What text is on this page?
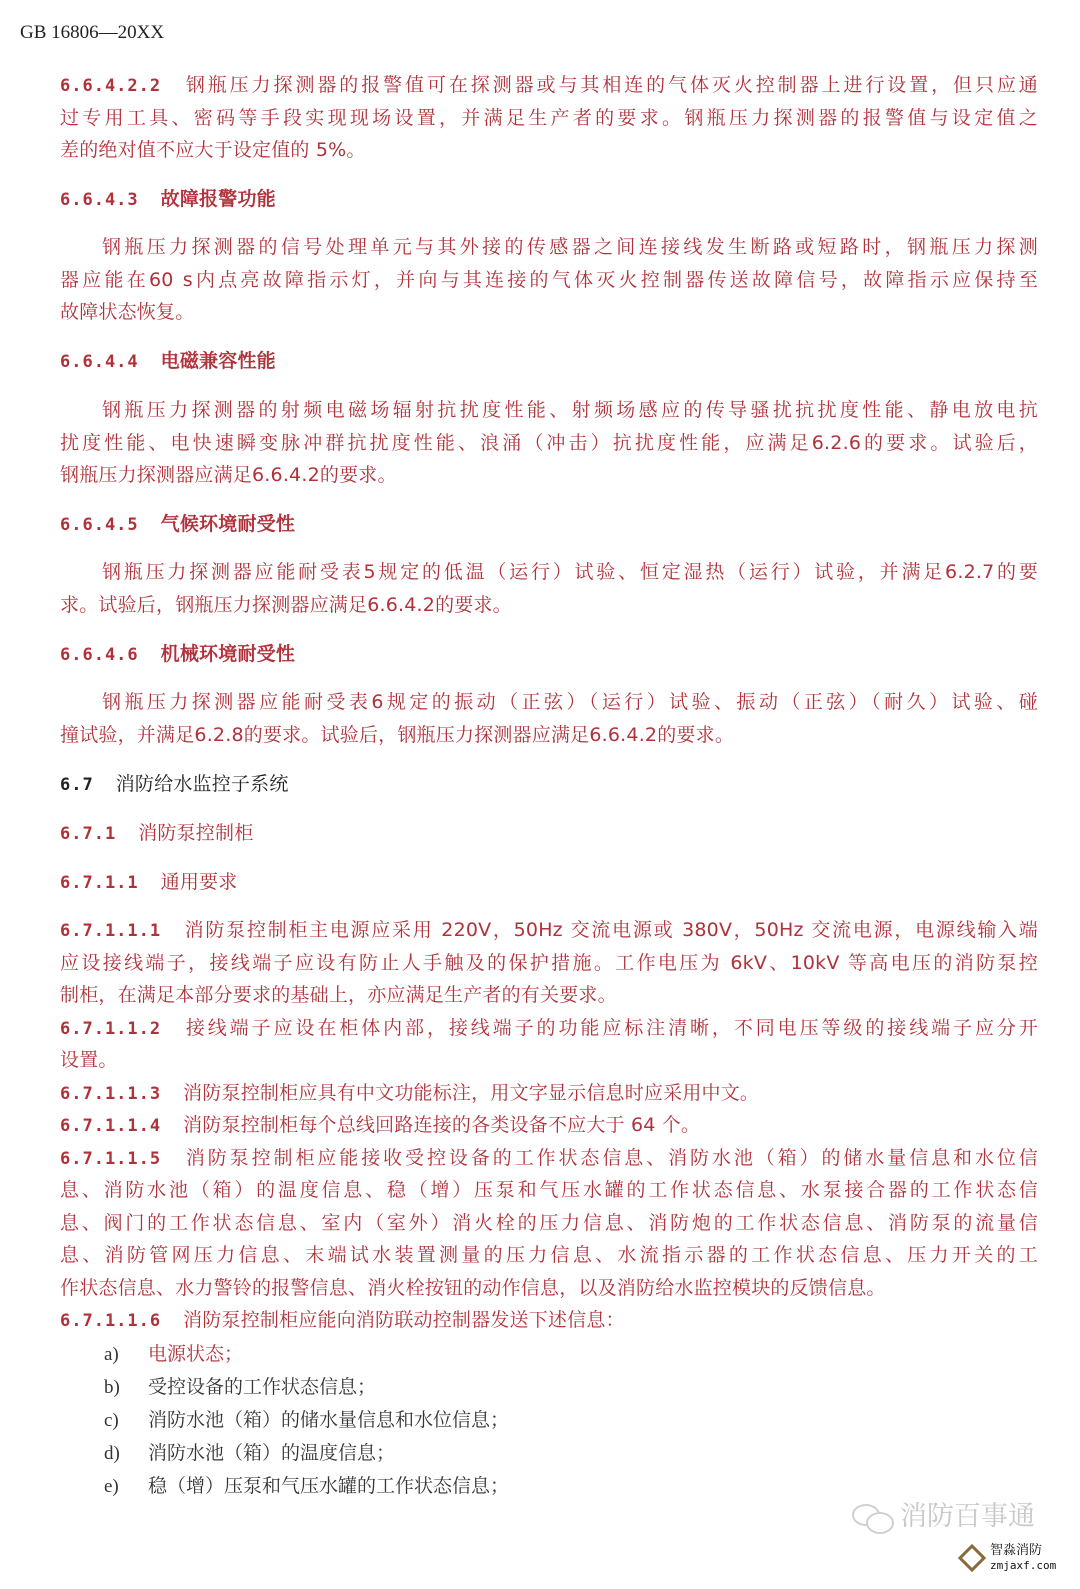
GB 16806—20XX
6.6.4.2.2 钢瓶压力探测器的报警值可在探测器或与其相连的气体灭火控制器上进行设置，但只应通
过专用工具、密码等手段实现现场设置，并满足生产者的要求。钢瓶压力探测器的报警值与设定值之
差的绝对值不应大于设定值的 5%。
6.6.4.3 故障报警功能
钢瓶压力探测器的信号处理单元与其外接的传感器之间连接线发生断路或短路时，钢瓶压力探测
器应能在60 s内点亮故障指示灯，并向与其连接的气体灭火控制器传送故障信号，故障指示应保持至
故障状态恢复。
6.6.4.4 电磁兼容性能
钢瓶压力探测器的射频电磁场辐射抗扰度性能、射频场感应的传导骚扰抗扰度性能、静电放电抗
扰度性能、电快速瞬变脉冲群抗扰度性能、浪涌（冲击）抗扰度性能，应满足6.2.6的要求。试验后，
钢瓶压力探测器应满足6.6.4.2的要求。
6.6.4.5 气候环境耐受性
钢瓶压力探测器应能耐受表5规定的低温（运行）试验、恒定湿热（运行）试验，并满足6.2.7的要
求。试验后，钢瓶压力探测器应满足6.6.4.2的要求。
6.6.4.6 机械环境耐受性
钢瓶压力探测器应能耐受表6规定的振动（正弦）（运行）试验、振动（正弦）（耐久）试验、碰
撞试验，并满足6.2.8的要求。试验后，钢瓶压力探测器应满足6.6.4.2的要求。
6.7 消防给水监控子系统
6.7.1 消防泵控制柜
6.7.1.1 通用要求
6.7.1.1.1 消防泵控制柜主电源应采用 220V，50Hz 交流电源或 380V，50Hz 交流电源，电源线输入端
应设接线端子，接线端子应设有防止人手触及的保护措施。工作电压为 6kV、10kV 等高电压的消防泵控
制柜，在满足本部分要求的基础上，亦应满足生产者的有关要求。
6.7.1.1.2 接线端子应设在柜体内部，接线端子的功能应标注清晰，不同电压等级的接线端子应分开
设置。
6.7.1.1.3 消防泵控制柜应具有中文功能标注，用文字显示信息时应采用中文。
6.7.1.1.4 消防泵控制柜每个总线回路连接的各类设备不应大于 64 个。
6.7.1.1.5 消防泵控制柜应能接收受控设备的工作状态信息、消防水池（箱）的储水量信息和水位信
息、消防水池（箱）的温度信息、稳（增）压泵和气压水罐的工作状态信息、水泵接合器的工作状态信
息、阀门的工作状态信息、室内（室外）消火栓的压力信息、消防炮的工作状态信息、消防泵的流量信
息、消防管网压力信息、末端试水装置测量的压力信息、水流指示器的工作状态信息、压力开关的工
作状态信息、水力警铃的报警信息、消火栓按钮的动作信息，以及消防给水监控模块的反馈信息。
6.7.1.1.6 消防泵控制柜应能向消防联动控制器发送下述信息：
a) 电源状态；
b) 受控设备的工作状态信息；
c) 消防水池（箱）的储水量信息和水位信息；
d) 消防水池（箱）的温度信息；
e) 稳（增）压泵和气压水罐的工作状态信息；
消防百事通
智淼消防
zmjaxf.com
